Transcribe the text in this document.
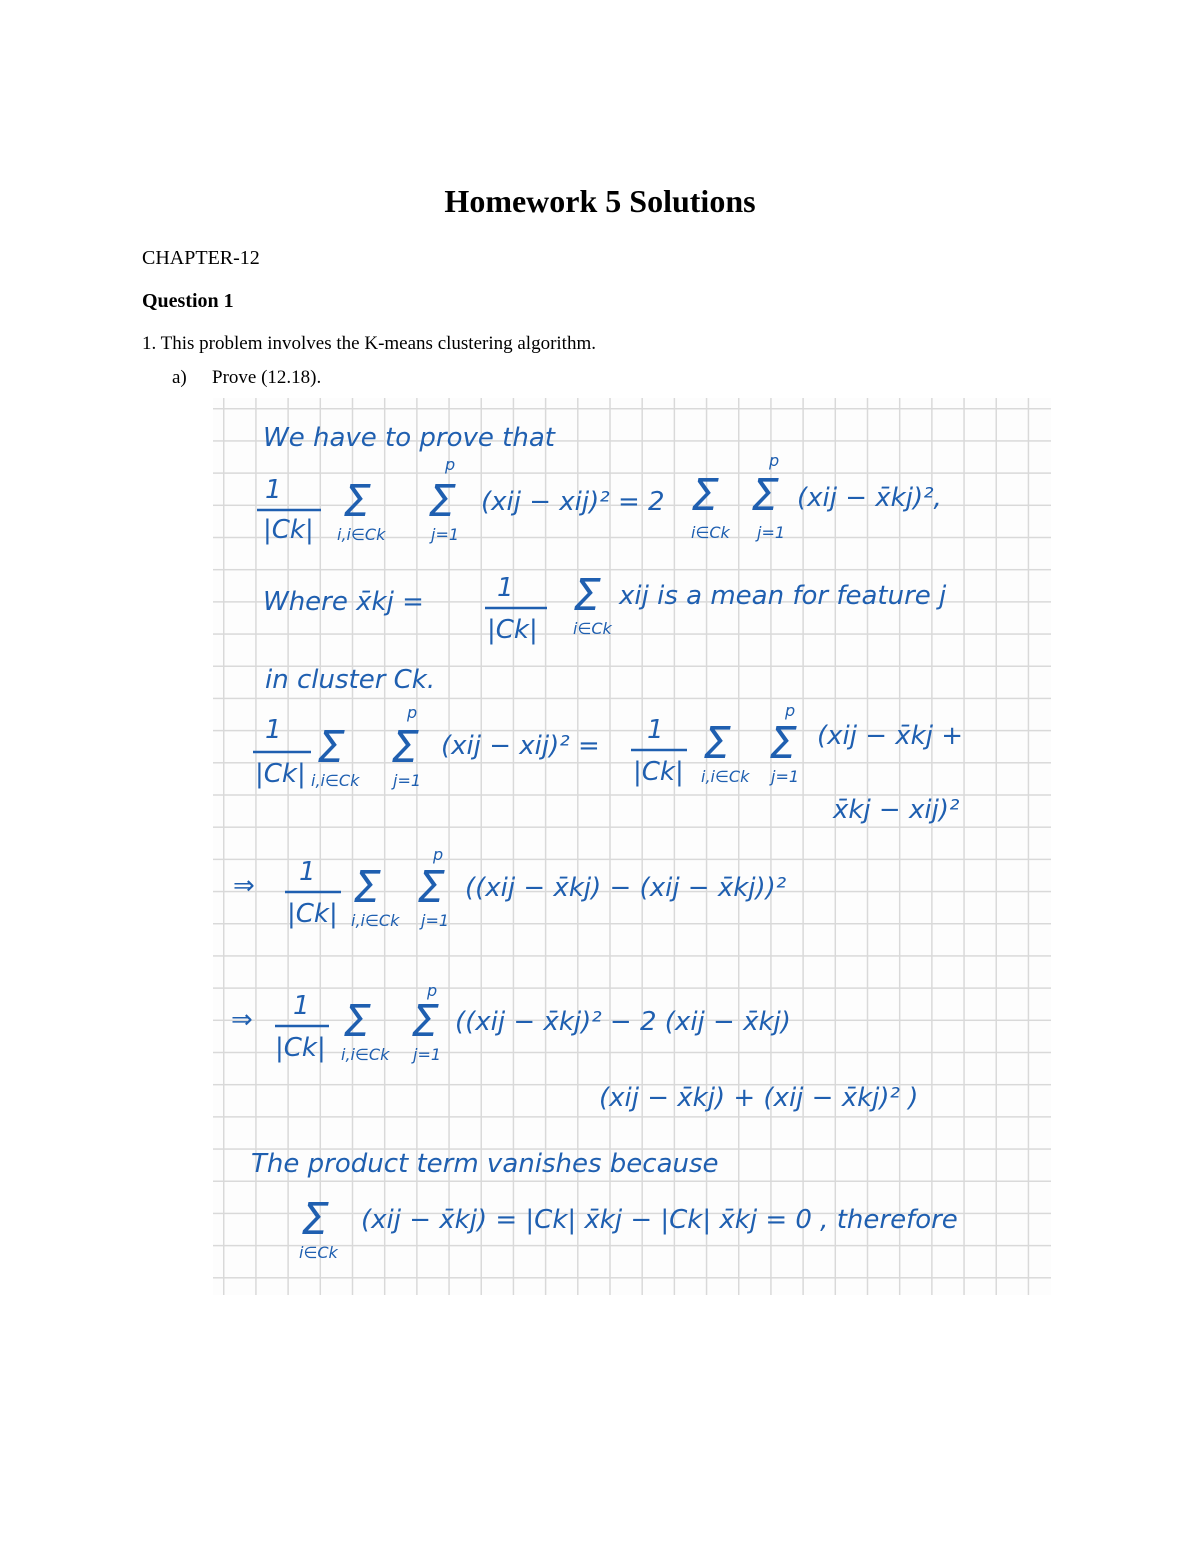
Homework 5 Solutions
CHAPTER-12
Question 1
1. This problem involves the K-means clustering algorithm.
a) Prove (12.18).
We have to prove that
1
|Ck|
Σ
i,i∈Ck
p
Σ
j=1
(xij − xij)² = 2 Σ
i∈Ck
p
Σ
j=1
(xij − x̄kj)²,
Where x̄kj =	1
|Ck|
Σ
i∈Ck
xij is a mean for feature j
in cluster Ck.
1
|Ck|
Σ
i,i∈Ck
p
Σ
j=1
(xij − xij)² =
1
|Ck|
Σ
i,i∈Ck
p
Σ
j=1
(xij − x̄kj +
x̄kj − xij)²
⇒ 1
|Ck|
Σ
i,i∈Ck
p
Σ
j=1
((xij − x̄kj) − (xij − x̄kj))²
⇒ 1
|Ck|
Σ
i,i∈Ck
p
Σ
j=1
((xij − x̄kj)² − 2 (xij − x̄kj)
(xij − x̄kj) + (xij − x̄kj)² )
The product term vanishes because
Σ
i∈Ck
(xij − x̄kj) = |Ck| x̄kj − |Ck| x̄kj = 0 , therefore
